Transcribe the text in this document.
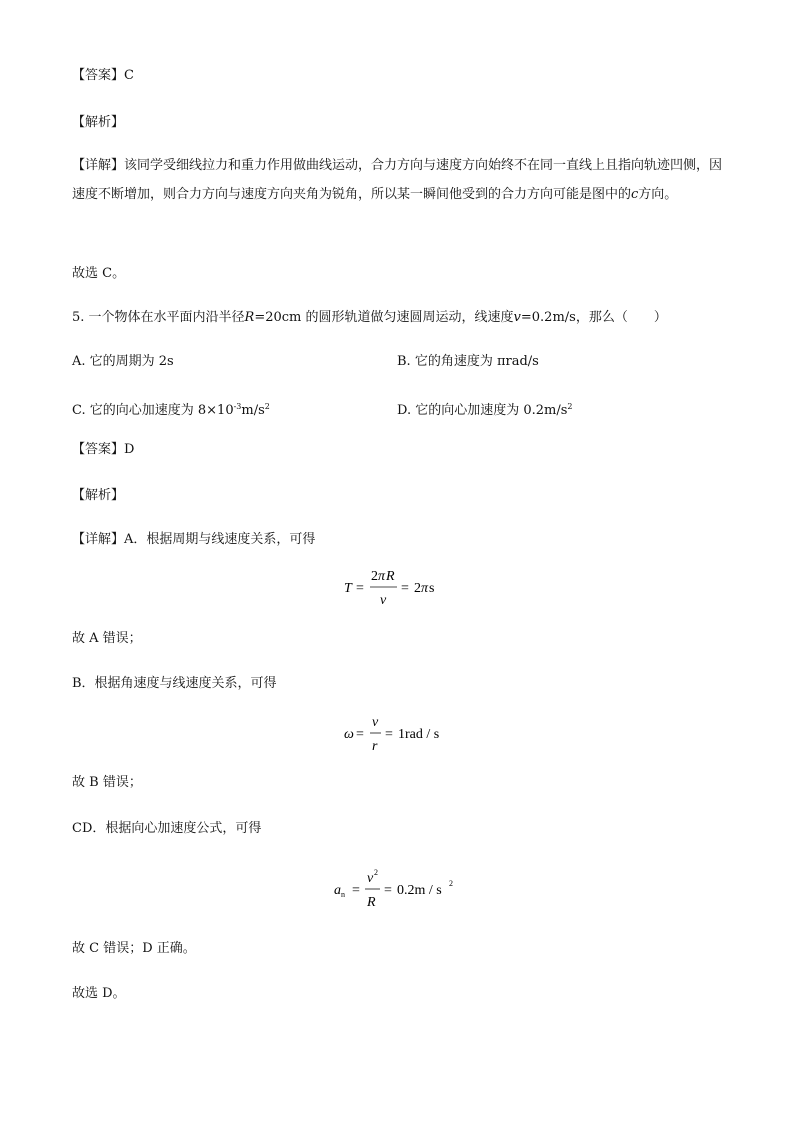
【答案】C
【解析】
【详解】该同学受细线拉力和重力作用做曲线运动，合力方向与速度方向始终不在同一直线上且指向轨迹凹侧，因速度不断增加，则合力方向与速度方向夹角为锐角，所以某一瞬间他受到的合力方向可能是图中的c方向。
故选 C。
5. 一个物体在水平面内沿半径R=20cm 的圆形轨道做匀速圆周运动，线速度v=0.2m/s，那么（　　）
A. 它的周期为 2s	B. 它的角速度为 πrad/s
C. 它的向心加速度为 $8\times 10^{-3}m/s^2$	D. 它的向心加速度为 $0.2m/s^2$
【答案】D
【解析】
【详解】A．根据周期与线速度关系，可得
T =
2 π R
v
= 2 π s
故 A 错误；
B．根据角速度与线速度关系，可得
ω =
v
r
= 1rad / s
故 B 错误；
CD．根据向心加速度公式，可得
a n =
v 2
R
= 0.2m / s 2
故 C 错误；D 正确。
故选 D。
